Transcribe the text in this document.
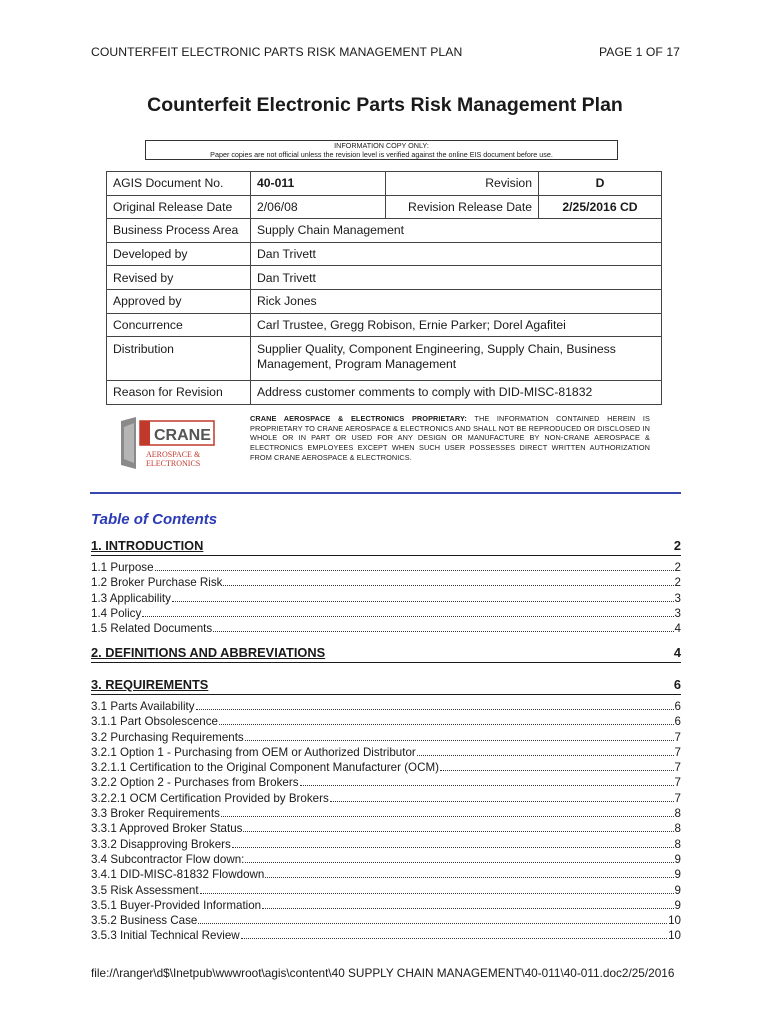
COUNTERFEIT ELECTRONIC PARTS RISK MANAGEMENT PLAN	PAGE 1 OF 17
Counterfeit Electronic Parts Risk Management Plan
INFORMATION COPY ONLY:
Paper copies are not official unless the revision level is verified against the online EIS document before use.
AGIS Document No.	40-011	Revision	D
Original Release Date	2/06/08	Revision Release Date	2/25/2016 CD
Business Process Area	Supply Chain Management		
Developed by	Dan Trivett		
Revised by	Dan Trivett		
Approved by	Rick Jones		
Concurrence	Carl Trustee, Gregg Robison, Ernie Parker; Dorel Agafitei		
Distribution	Supplier Quality, Component Engineering, Supply Chain, Business Management, Program Management		
Reason for Revision	Address customer comments to comply with DID-MISC-81832		
CRANE
AEROSPACE &
ELECTRONICS
CRANE AEROSPACE & ELECTRONICS PROPRIETARY: THE INFORMATION CONTAINED HEREIN IS PROPRIETARY TO CRANE AEROSPACE & ELECTRONICS AND SHALL NOT BE REPRODUCED OR DISCLOSED IN WHOLE OR IN PART OR USED FOR ANY DESIGN OR MANUFACTURE BY NON-CRANE AEROSPACE & ELECTRONICS EMPLOYEES EXCEPT WHEN SUCH USER POSSESSES DIRECT WRITTEN AUTHORIZATION FROM CRANE AEROSPACE & ELECTRONICS.
Table of Contents
1. INTRODUCTION	2
1.1 Purpose	2
1.2 Broker Purchase Risk	2
1.3 Applicability	3
1.4 Policy	3
1.5 Related Documents	4
2. DEFINITIONS AND ABBREVIATIONS	4
3. REQUIREMENTS	6
3.1 Parts Availability	6
3.1.1 Part Obsolescence	6
3.2 Purchasing Requirements	7
3.2.1 Option 1 - Purchasing from OEM or Authorized Distributor	7
3.2.1.1 Certification to the Original Component Manufacturer (OCM)	7
3.2.2 Option 2 - Purchases from Brokers	7
3.2.2.1 OCM Certification Provided by Brokers	7
3.3 Broker Requirements	8
3.3.1 Approved Broker Status	8
3.3.2 Disapproving Brokers	8
3.4 Subcontractor Flow down:	9
3.4.1 DID-MISC-81832 Flowdown	9
3.5 Risk Assessment	9
3.5.1 Buyer-Provided Information	9
3.5.2 Business Case	10
3.5.3 Initial Technical Review	10
file://\ranger\d$\Inetpub\wwwroot\agis\content\40 SUPPLY CHAIN MANAGEMENT\40-011\40-011.doc2/25/2016
